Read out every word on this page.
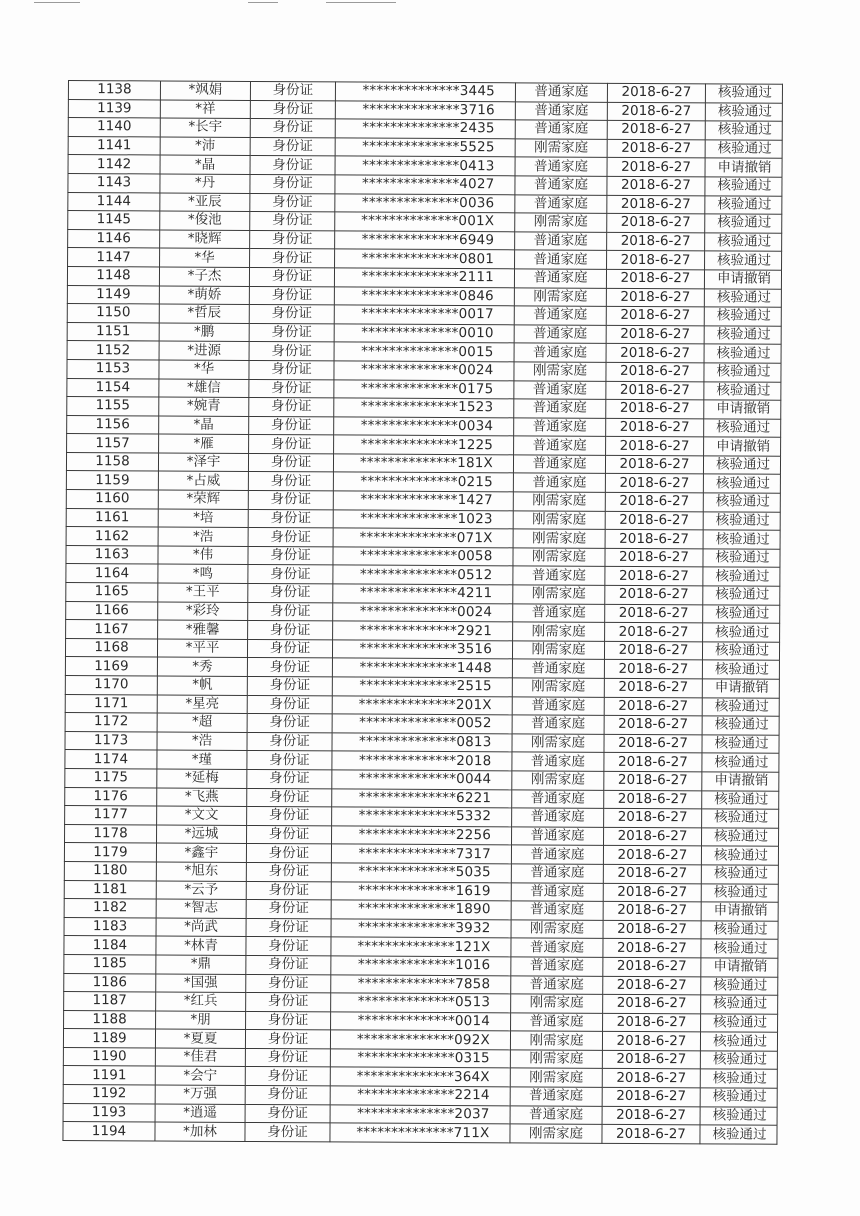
1138	*飒娟	身份证	**************3445	普通家庭	2018-6-27	核验通过
1139	*祥	身份证	**************3716	普通家庭	2018-6-27	核验通过
1140	*长宇	身份证	**************2435	普通家庭	2018-6-27	核验通过
1141	*沛	身份证	**************5525	刚需家庭	2018-6-27	核验通过
1142	*晶	身份证	**************0413	普通家庭	2018-6-27	申请撤销
1143	*丹	身份证	**************4027	普通家庭	2018-6-27	核验通过
1144	*亚辰	身份证	**************0036	普通家庭	2018-6-27	核验通过
1145	*俊池	身份证	**************001X	刚需家庭	2018-6-27	核验通过
1146	*晓辉	身份证	**************6949	普通家庭	2018-6-27	核验通过
1147	*华	身份证	**************0801	普通家庭	2018-6-27	核验通过
1148	*子杰	身份证	**************2111	普通家庭	2018-6-27	申请撤销
1149	*萌娇	身份证	**************0846	刚需家庭	2018-6-27	核验通过
1150	*哲辰	身份证	**************0017	普通家庭	2018-6-27	核验通过
1151	*鹏	身份证	**************0010	普通家庭	2018-6-27	核验通过
1152	*进源	身份证	**************0015	普通家庭	2018-6-27	核验通过
1153	*华	身份证	**************0024	刚需家庭	2018-6-27	核验通过
1154	*雄信	身份证	**************0175	普通家庭	2018-6-27	核验通过
1155	*婉青	身份证	**************1523	普通家庭	2018-6-27	申请撤销
1156	*晶	身份证	**************0034	普通家庭	2018-6-27	核验通过
1157	*雁	身份证	**************1225	普通家庭	2018-6-27	申请撤销
1158	*泽宇	身份证	**************181X	普通家庭	2018-6-27	核验通过
1159	*占威	身份证	**************0215	普通家庭	2018-6-27	核验通过
1160	*荣辉	身份证	**************1427	刚需家庭	2018-6-27	核验通过
1161	*培	身份证	**************1023	刚需家庭	2018-6-27	核验通过
1162	*浩	身份证	**************071X	刚需家庭	2018-6-27	核验通过
1163	*伟	身份证	**************0058	刚需家庭	2018-6-27	核验通过
1164	*鸣	身份证	**************0512	普通家庭	2018-6-27	核验通过
1165	*王平	身份证	**************4211	刚需家庭	2018-6-27	核验通过
1166	*彩玲	身份证	**************0024	普通家庭	2018-6-27	核验通过
1167	*雅馨	身份证	**************2921	刚需家庭	2018-6-27	核验通过
1168	*平平	身份证	**************3516	刚需家庭	2018-6-27	核验通过
1169	*秀	身份证	**************1448	普通家庭	2018-6-27	核验通过
1170	*帆	身份证	**************2515	刚需家庭	2018-6-27	申请撤销
1171	*星亮	身份证	**************201X	普通家庭	2018-6-27	核验通过
1172	*超	身份证	**************0052	普通家庭	2018-6-27	核验通过
1173	*浩	身份证	**************0813	刚需家庭	2018-6-27	核验通过
1174	*瑾	身份证	**************2018	普通家庭	2018-6-27	核验通过
1175	*延梅	身份证	**************0044	刚需家庭	2018-6-27	申请撤销
1176	*飞燕	身份证	**************6221	普通家庭	2018-6-27	核验通过
1177	*文文	身份证	**************5332	普通家庭	2018-6-27	核验通过
1178	*远城	身份证	**************2256	普通家庭	2018-6-27	核验通过
1179	*鑫宇	身份证	**************7317	普通家庭	2018-6-27	核验通过
1180	*旭东	身份证	**************5035	普通家庭	2018-6-27	核验通过
1181	*云予	身份证	**************1619	普通家庭	2018-6-27	核验通过
1182	*智志	身份证	**************1890	普通家庭	2018-6-27	申请撤销
1183	*尚武	身份证	**************3932	刚需家庭	2018-6-27	核验通过
1184	*林青	身份证	**************121X	普通家庭	2018-6-27	核验通过
1185	*鼎	身份证	**************1016	普通家庭	2018-6-27	申请撤销
1186	*国强	身份证	**************7858	普通家庭	2018-6-27	核验通过
1187	*红兵	身份证	**************0513	刚需家庭	2018-6-27	核验通过
1188	*朋	身份证	**************0014	普通家庭	2018-6-27	核验通过
1189	*夏夏	身份证	**************092X	刚需家庭	2018-6-27	核验通过
1190	*佳君	身份证	**************0315	刚需家庭	2018-6-27	核验通过
1191	*会宁	身份证	**************364X	刚需家庭	2018-6-27	核验通过
1192	*万强	身份证	**************2214	普通家庭	2018-6-27	核验通过
1193	*逍遥	身份证	**************2037	普通家庭	2018-6-27	核验通过
1194	*加林	身份证	**************711X	刚需家庭	2018-6-27	核验通过
